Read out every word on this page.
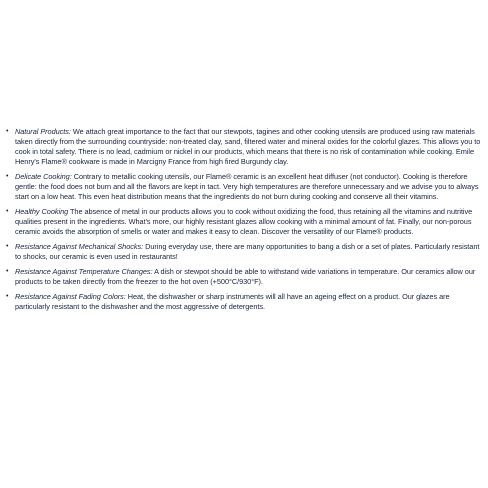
• Natural Products: We attach great importance to the fact that our stewpots, tagines and other cooking utensils are produced using raw materials taken directly from the surrounding countryside: non-treated clay, sand, filtered water and mineral oxides for the colorful glazes. This allows you to cook in total safety. There is no lead, cadmium or nickel in our products, which means that there is no risk of contamination while cooking. Emile Henry's Flame® cookware is made in Marcigny France from high fired Burgundy clay.
• Delicate Cooking: Contrary to metallic cooking utensils, our Flame® ceramic is an excellent heat diffuser (not conductor). Cooking is therefore gentle: the food does not burn and all the flavors are kept in tact. Very high temperatures are therefore unnecessary and we advise you to always start on a low heat. This even heat distribution means that the ingredients do not burn during cooking and conserve all their vitamins.
• Healthy Cooking The absence of metal in our products allows you to cook without oxidizing the food, thus retaining all the vitamins and nutritive qualities present in the ingredients. What's more, our highly resistant glazes allow cooking with a minimal amount of fat. Finally, our non-porous ceramic avoids the absorption of smells or water and makes it easy to clean. Discover the versatility of our Flame® products.
• Resistance Against Mechanical Shocks: During everyday use, there are many opportunities to bang a dish or a set of plates. Particularly resistant to shocks, our ceramic is even used in restaurants!
• Resistance Against Temperature Changes: A dish or stewpot should be able to withstand wide variations in temperature. Our ceramics allow our products to be taken directly from the freezer to the hot oven (+500°C/930°F).
• Resistance Against Fading Colors: Heat, the dishwasher or sharp instruments will all have an ageing effect on a product. Our glazes are particularly resistant to the dishwasher and the most aggressive of detergents.
